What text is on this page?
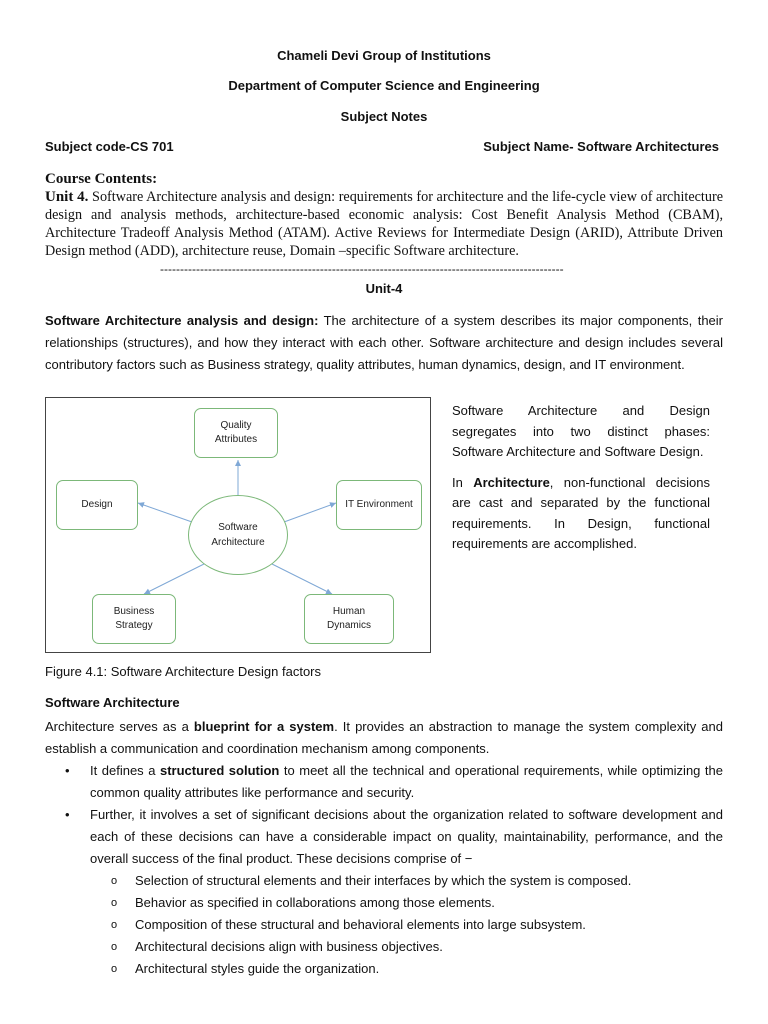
Chameli Devi Group of Institutions
Department of Computer Science and Engineering
Subject Notes
Subject code-CS 701	Subject Name- Software Architectures
Course Contents:

Unit 4. Software Architecture analysis and design: requirements for architecture and the life-cycle view of architecture design and analysis methods, architecture-based economic analysis: Cost Benefit Analysis Method (CBAM), Architecture Tradeoff Analysis Method (ATAM). Active Reviews for Intermediate Design (ARID), Attribute Driven Design method (ADD), architecture reuse, Domain –specific Software architecture.

-----------------------------------------------------------------------------------------------------
Unit-4
Software Architecture analysis and design: The architecture of a system describes its major components, their relationships (structures), and how they interact with each other. Software architecture and design includes several contributory factors such as Business strategy, quality attributes, human dynamics, design, and IT environment.
Quality
Attributes
Design	IT Environment
Software
Architecture
Business
Strategy
Human
Dynamics

Software Architecture and Design segregates into two distinct phases: Software Architecture and Software Design.

In Architecture, non-functional decisions are cast and separated by the functional requirements. In Design, functional requirements are accomplished.

Figure 4.1: Software Architecture Design factors
Software Architecture

Architecture serves as a blueprint for a system. It provides an abstraction to manage the system complexity and establish a communication and coordination mechanism among components.

• It defines a structured solution to meet all the technical and operational requirements, while optimizing the common quality attributes like performance and security.
• Further, it involves a set of significant decisions about the organization related to software development and each of these decisions can have a considerable impact on quality, maintainability, performance, and the overall success of the final product. These decisions comprise of −
o Selection of structural elements and their interfaces by which the system is composed.
o Behavior as specified in collaborations among those elements.
o Composition of these structural and behavioral elements into large subsystem.
o Architectural decisions align with business objectives.
o Architectural styles guide the organization.
